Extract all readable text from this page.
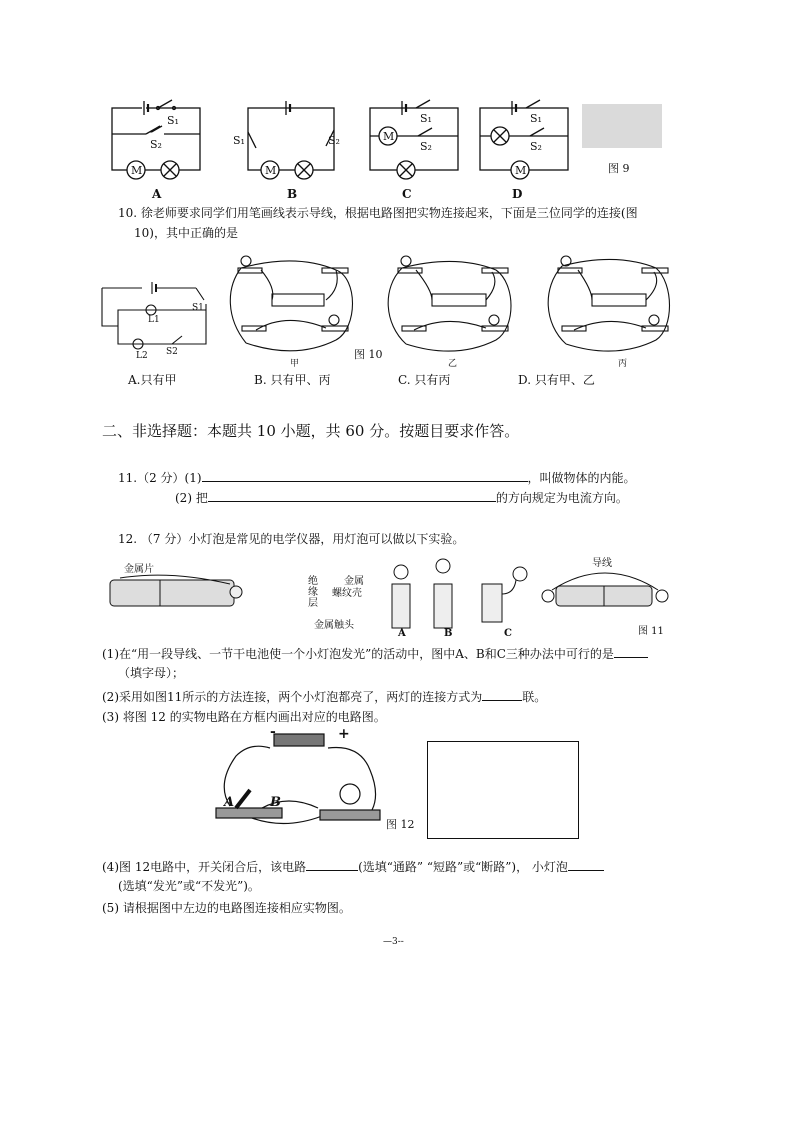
S₁
S₂
M
S₁	S₂
M
M
S₁
S₂
S₁
S₂
M
A	B	C	D
图 9
10. 徐老师要求同学们用笔画线表示导线，根据电路图把实物连接起来，下面是三位同学的连接(图
10)，其中正确的是
L1
L2
S1
S2
甲	乙	丙
图 10
A.只有甲	B. 只有甲、丙	C. 只有丙	D. 只有甲、乙
二、非选择题：本题共 10 小题，共 60 分。按题目要求作答。
11.（2 分）(1)	，叫做物体的内能。
(2) 把	的方向规定为电流方向。
12. （7 分）小灯泡是常见的电学仪器，用灯泡可以做以下实验。
金属片
绝
缘
层
金属
螺纹壳
金属触头
导线
B	C
A	图 11
(1)在“用一段导线、一节干电池使一个小灯泡发光”的活动中，图中A、B和C三种办法中可行的是
（填字母）；
(2)采用如图11所示的方法连接，两个小灯泡都亮了，两灯的连接方式为	联。
(3) 将图 12 的实物电路在方框内画出对应的电路图。
-	+
A	B
图 12
(4)图 12电路中，开关闭合后，该电路	(选填“通路” “短路”或“断路”)， 小灯泡
(选填“发光”或“不发光”)。
(5) 请根据图中左边的电路图连接相应实物图。
—3--
